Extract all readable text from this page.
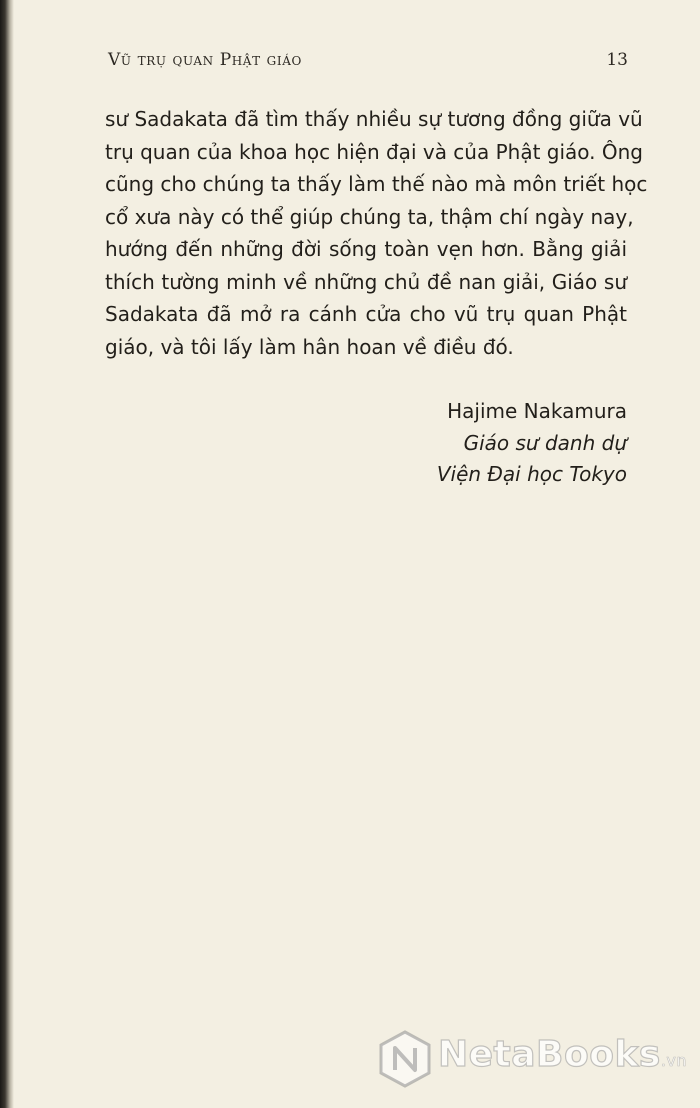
Vũ trụ quan Phật giáo	13
sư Sadakata đã tìm thấy nhiều sự tương đồng giữa vũ
trụ quan của khoa học hiện đại và của Phật giáo. Ông
cũng cho chúng ta thấy làm thế nào mà môn triết học
cổ xưa này có thể giúp chúng ta, thậm chí ngày nay,
hướng đến những đời sống toàn vẹn hơn. Bằng giải
thích tường minh về những chủ đề nan giải, Giáo sư
Sadakata đã mở ra cánh cửa cho vũ trụ quan Phật
giáo, và tôi lấy làm hân hoan về điều đó.
Hajime Nakamura
Giáo sư danh dự
Viện Đại học Tokyo
NetaBooks.vn
